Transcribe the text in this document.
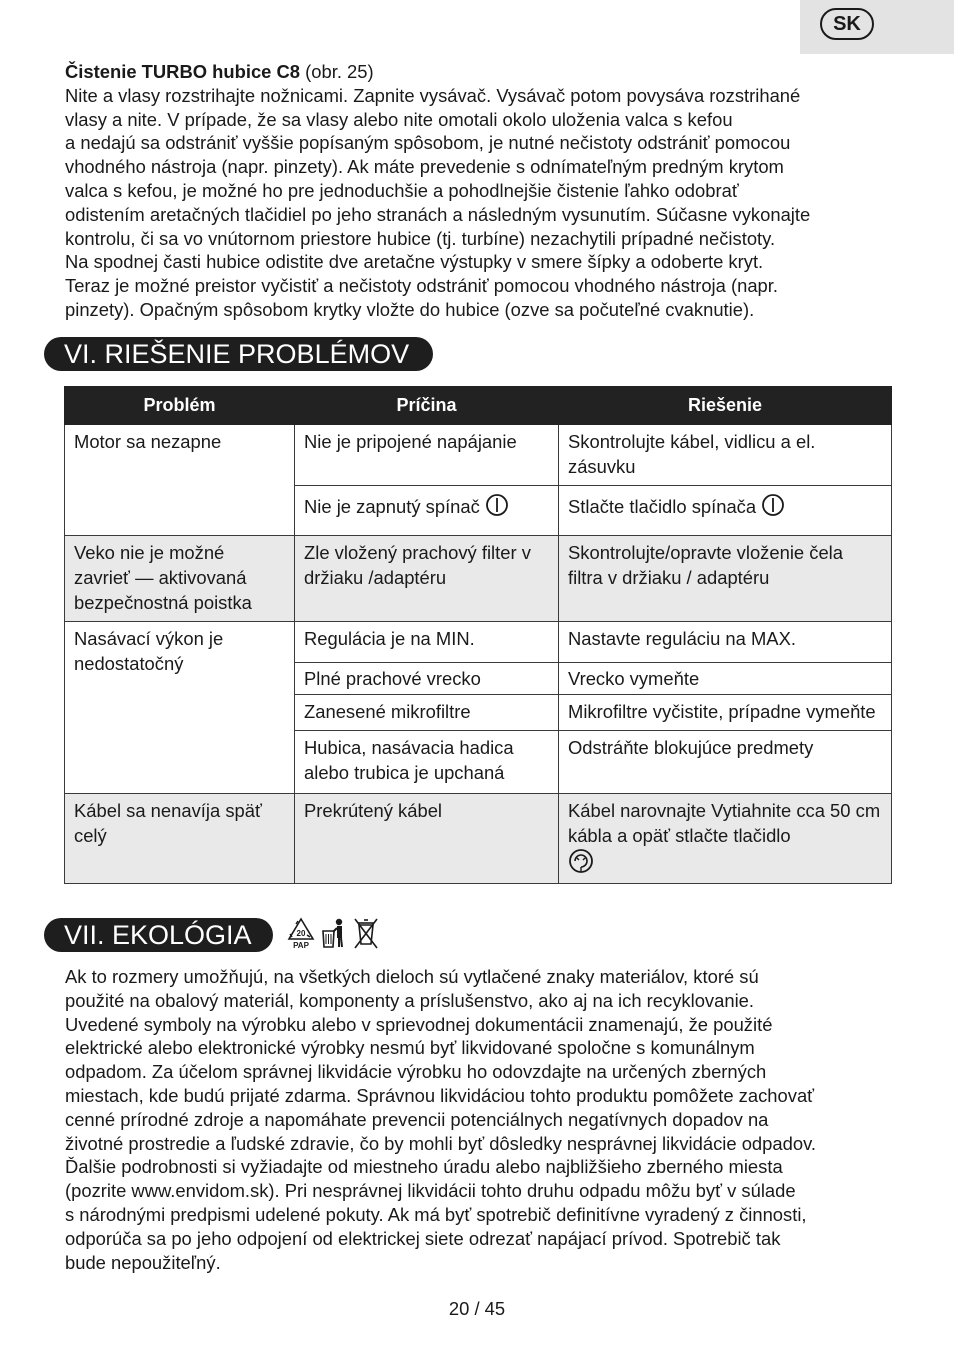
SK

Čistenie TURBO hubice C8 (obr. 25)

Nite a vlasy rozstrihajte nožnicami. Zapnite vysávač. Vysávač potom povysáva rozstrihané

vlasy a nite. V prípade, že sa vlasy alebo nite omotali okolo uloženia valca s kefou

a nedajú sa odstrániť vyššie popísaným spôsobom, je nutné nečistoty odstrániť pomocou

vhodného nástroja (napr. pinzety). Ak máte prevedenie s odnímateľným predným krytom

valca s kefou, je možné ho pre jednoduchšie a pohodlnejšie čistenie ľahko odobrať

odistením aretačných tlačidiel po jeho stranách a následným vysunutím. Súčasne vykonajte

kontrolu, či sa vo vnútornom priestore hubice (tj. turbíne) nezachytili prípadné nečistoty.

Na spodnej časti hubice odistite dve aretačne výstupky v smere šípky a odoberte kryt.

Teraz je možné preistor vyčistiť a nečistoty odstrániť pomocou vhodného nástroja (napr.

pinzety). Opačným spôsobom krytky vložte do hubice (ozve sa počuteľné cvaknutie).

VI. RIEŠENIE PROBLÉMOV
Problém	Príčina	Riešenie
Motor sa nezapne	Nie je pripojené napájanie	Skontrolujte kábel, vidlicu a el. zásuvku
	Nie je zapnutý spínač	Stlačte tlačidlo spínača
Veko nie je možné zavrieť — aktivovaná bezpečnostná poistka	Zle vložený prachový filter v držiaku /adaptéru	Skontrolujte/opravte vloženie čela filtra v držiaku / adaptéru
Nasávací výkon je nedostatočný	Regulácia je na MIN.	Nastavte reguláciu na MAX.
	Plné prachové vrecko	Vrecko vymeňte
	Zanesené mikrofiltre	Mikrofiltre vyčistite, prípadne vymeňte
	Hubica, nasávacia hadica alebo trubica je upchaná	Odstráňte blokujúce predmety
Kábel sa nenavíja späť celý	Prekrútený kábel	Kábel narovnajte Vytiahnite cca 50 cm kábla a opäť stlačte tlačidlo

VII. EKOLÓGIA	20
PAP

Ak to rozmery umožňujú, na všetkých dieloch sú vytlačené znaky materiálov, ktoré sú

použité na obalový materiál, komponenty a príslušenstvo, ako aj na ich recyklovanie.

Uvedené symboly na výrobku alebo v sprievodnej dokumentácii znamenajú, že použité

elektrické alebo elektronické výrobky nesmú byť likvidované spoločne s komunálnym

odpadom. Za účelom správnej likvidácie výrobku ho odovzdajte na určených zberných

miestach, kde budú prijaté zdarma. Správnou likvidáciou tohto produktu pomôžete zachovať

cenné prírodné zdroje a napomáhate prevencii potenciálnych negatívnych dopadov na

životné prostredie a ľudské zdravie, čo by mohli byť dôsledky nesprávnej likvidácie odpadov.

Ďalšie podrobnosti si vyžiadajte od miestneho úradu alebo najbližšieho zberného miesta

(pozrite www.envidom.sk). Pri nesprávnej likvidácii tohto druhu odpadu môžu byť v súlade

s národnými predpismi udelené pokuty. Ak má byť spotrebič definitívne vyradený z činnosti,

odporúča sa po jeho odpojení od elektrickej siete odrezať napájací prívod. Spotrebič tak

bude nepoužiteľný.

20 / 45
